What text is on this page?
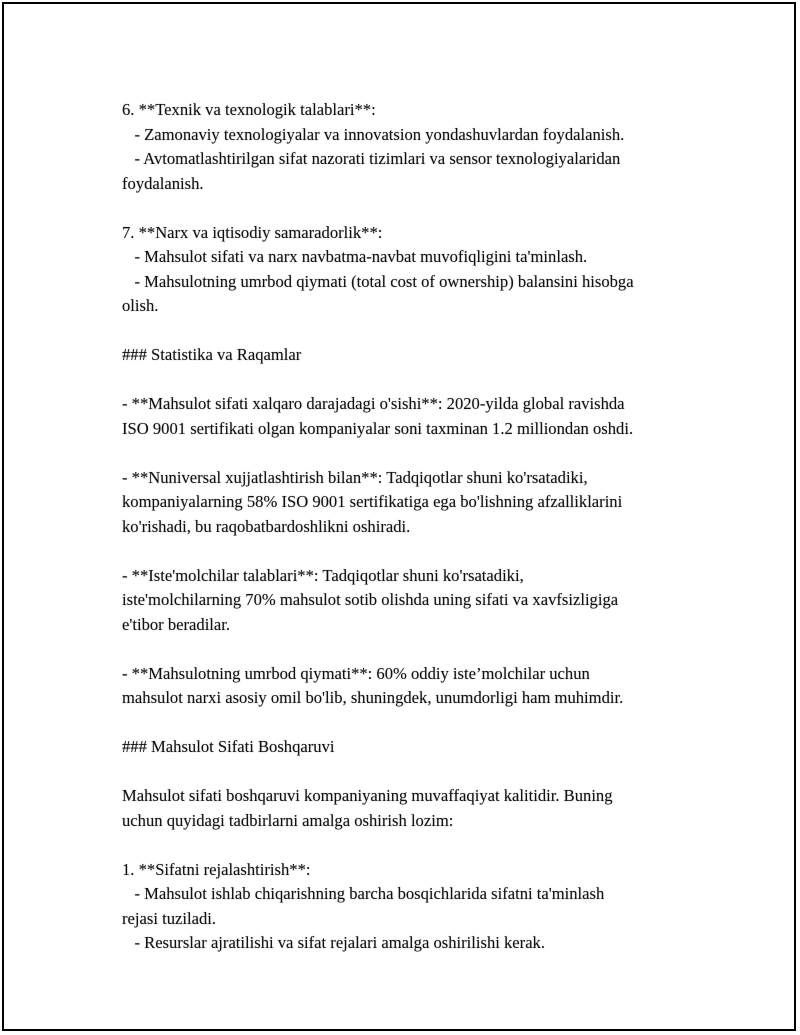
6. **Texnik va texnologik talablari**:
- Zamonaviy texnologiyalar va innovatsion yondashuvlardan foydalanish.
- Avtomatlashtirilgan sifat nazorati tizimlari va sensor texnologiyalaridan
foydalanish.
7. **Narx va iqtisodiy samaradorlik**:
- Mahsulot sifati va narx navbatma-navbat muvofiqligini ta'minlash.
- Mahsulotning umrbod qiymati (total cost of ownership) balansini hisobga
olish.
### Statistika va Raqamlar
- **Mahsulot sifati xalqaro darajadagi o'sishi**: 2020-yilda global ravishda
ISO 9001 sertifikati olgan kompaniyalar soni taxminan 1.2 milliondan oshdi.
- **Nuniversal xujjatlashtirish bilan**: Tadqiqotlar shuni ko'rsatadiki,
kompaniyalarning 58% ISO 9001 sertifikatiga ega bo'lishning afzalliklarini
ko'rishadi, bu raqobatbardoshlikni oshiradi.
- **Iste'molchilar talablari**: Tadqiqotlar shuni ko'rsatadiki,
iste'molchilarning 70% mahsulot sotib olishda uning sifati va xavfsizligiga
e'tibor beradilar.
- **Mahsulotning umrbod qiymati**: 60% oddiy iste’molchilar uchun
mahsulot narxi asosiy omil bo'lib, shuningdek, unumdorligi ham muhimdir.
### Mahsulot Sifati Boshqaruvi
Mahsulot sifati boshqaruvi kompaniyaning muvaffaqiyat kalitidir. Buning
uchun quyidagi tadbirlarni amalga oshirish lozim:
1. **Sifatni rejalashtirish**:
- Mahsulot ishlab chiqarishning barcha bosqichlarida sifatni ta'minlash
rejasi tuziladi.
- Resurslar ajratilishi va sifat rejalari amalga oshirilishi kerak.
